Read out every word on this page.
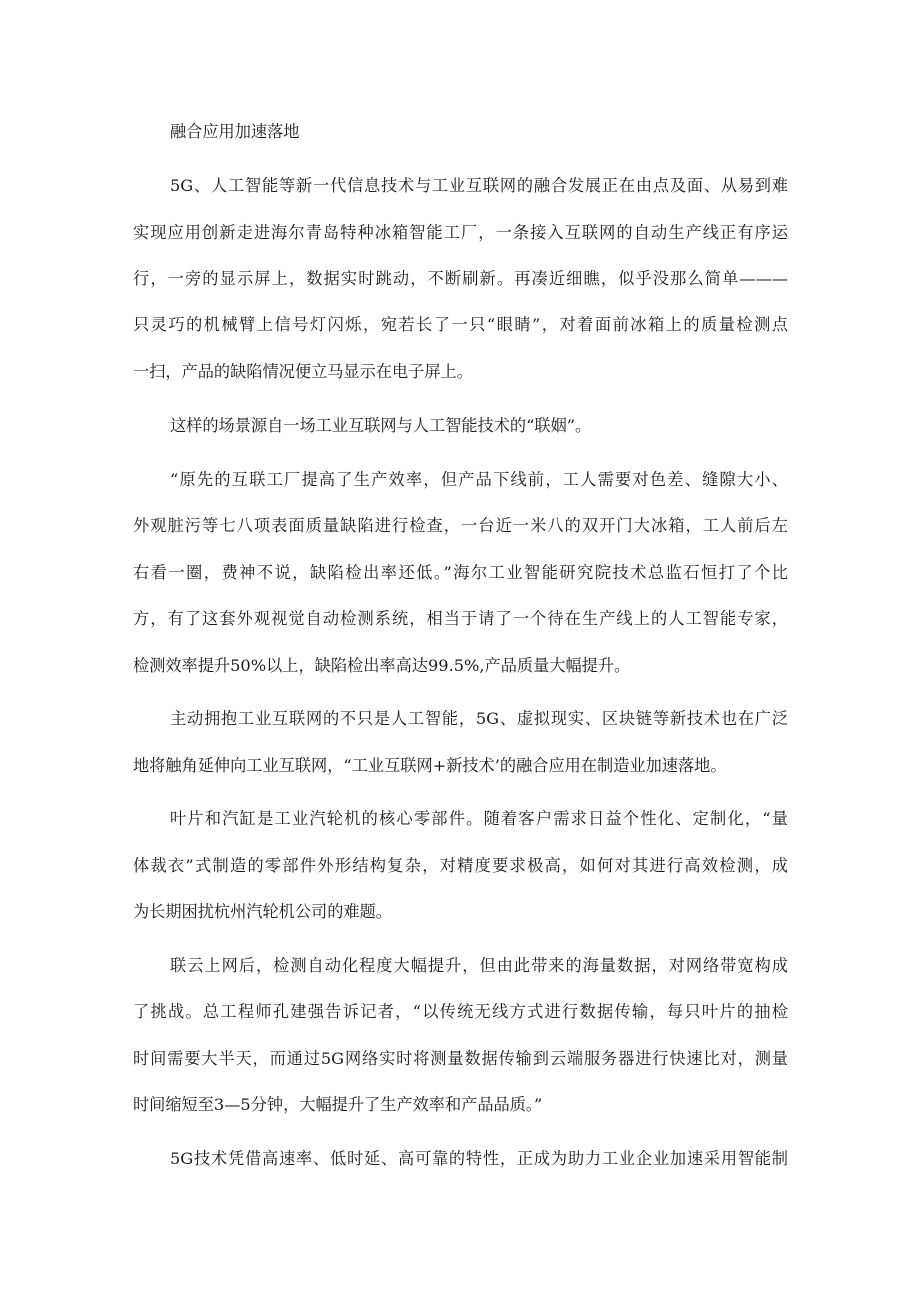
融合应用加速落地
5G、人工智能等新一代信息技术与工业互联网的融合发展正在由点及面、从易到难
实现应用创新走进海尔青岛特种冰箱智能工厂，一条接入互联网的自动生产线正有序运
行，一旁的显示屏上，数据实时跳动，不断刷新。再凑近细瞧，似乎没那么简单———
只灵巧的机械臂上信号灯闪烁，宛若长了一只“眼睛”，对着面前冰箱上的质量检测点
一扫，产品的缺陷情况便立马显示在电子屏上。
这样的场景源自一场工业互联网与人工智能技术的“联姻”。
“原先的互联工厂提高了生产效率，但产品下线前，工人需要对色差、缝隙大小、
外观脏污等七八项表面质量缺陷进行检查，一台近一米八的双开门大冰箱，工人前后左
右看一圈，费神不说，缺陷检出率还低。”海尔工业智能研究院技术总监石恒打了个比
方，有了这套外观视觉自动检测系统，相当于请了一个待在生产线上的人工智能专家，
检测效率提升50%以上，缺陷检出率高达99.5%,产品质量大幅提升。
主动拥抱工业互联网的不只是人工智能，5G、虚拟现实、区块链等新技术也在广泛
地将触角延伸向工业互联网，“工业互联网+新技术’的融合应用在制造业加速落地。
叶片和汽缸是工业汽轮机的核心零部件。随着客户需求日益个性化、定制化，“量
体裁衣”式制造的零部件外形结构复杂，对精度要求极高，如何对其进行高效检测，成
为长期困扰杭州汽轮机公司的难题。
联云上网后，检测自动化程度大幅提升，但由此带来的海量数据，对网络带宽构成
了挑战。总工程师孔建强告诉记者，“以传统无线方式进行数据传输，每只叶片的抽检
时间需要大半天，而通过5G网络实时将测量数据传输到云端服务器进行快速比对，测量
时间缩短至3—5分钟，大幅提升了生产效率和产品品质。”
5G技术凭借高速率、低时延、高可靠的特性，正成为助力工业企业加速采用智能制
